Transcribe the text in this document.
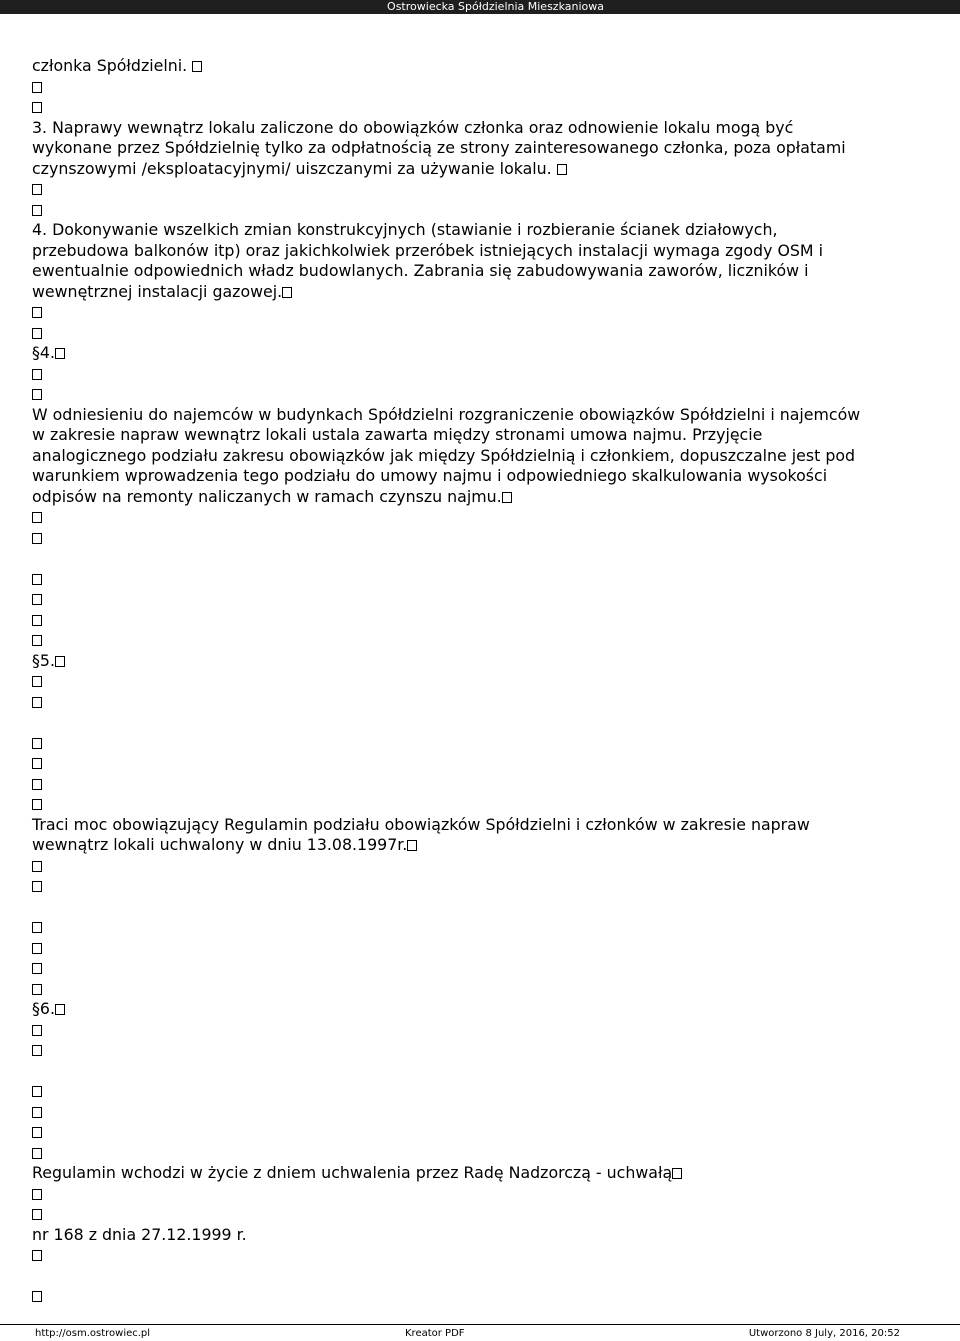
Ostrowiecka Spółdzielnia Mieszkaniowa
członka Spółdzielni.
3. Naprawy wewnątrz lokalu zaliczone do obowiązków członka oraz odnowienie lokalu mogą być
wykonane przez Spółdzielnię tylko za odpłatnością ze strony zainteresowanego członka, poza opłatami
czynszowymi /eksploatacyjnymi/ uiszczanymi za używanie lokalu.
4. Dokonywanie wszelkich zmian konstrukcyjnych (stawianie i rozbieranie ścianek działowych,
przebudowa balkonów itp) oraz jakichkolwiek przeróbek istniejących instalacji wymaga zgody OSM i
ewentualnie odpowiednich władz budowlanych. Zabrania się zabudowywania zaworów, liczników i
wewnętrznej instalacji gazowej.
§4.
W odniesieniu do najemców w budynkach Spółdzielni rozgraniczenie obowiązków Spółdzielni i najemców
w zakresie napraw wewnątrz lokali ustala zawarta między stronami umowa najmu. Przyjęcie
analogicznego podziału zakresu obowiązków jak między Spółdzielnią i członkiem, dopuszczalne jest pod
warunkiem wprowadzenia tego podziału do umowy najmu i odpowiedniego skalkulowania wysokości
odpisów na remonty naliczanych w ramach czynszu najmu.
§5.
Traci moc obowiązujący Regulamin podziału obowiązków Spółdzielni i członków w zakresie napraw
wewnątrz lokali uchwalony w dniu 13.08.1997r.
§6.
Regulamin wchodzi w życie z dniem uchwalenia przez Radę Nadzorczą - uchwałą
nr 168 z dnia 27.12.1999 r.
http://osm.ostrowiec.pl	Kreator PDF	Utworzono 8 July, 2016, 20:52
